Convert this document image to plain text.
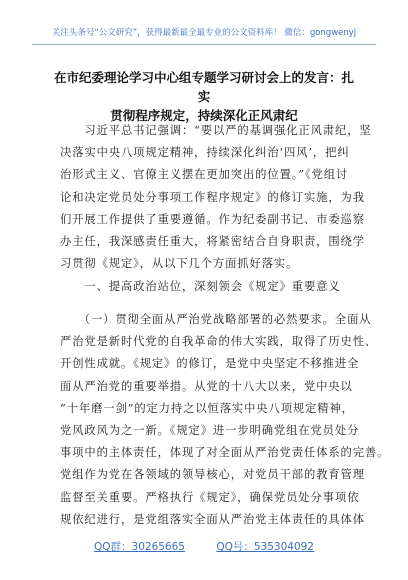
关注头条号“公文研究”，获得最新最全最专业的公文资料库！ 微信：gongwenyj
在市纪委理论学习中心组专题学习研讨会上的发言：扎实
贯彻程序规定，持续深化正风肃纪
　　习近平总书记强调：“要以严的基调强化正风肃纪，坚
决落实中央八项规定精神，持续深化纠治‘四风’，把纠
治形式主义、官僚主义摆在更加突出的位置。”《党组讨
论和决定党员处分事项工作程序规定》的修订实施，为我
们开展工作提供了重要遵循。作为纪委副书记、市委巡察
办主任，我深感责任重大，将紧密结合自身职责，围绕学
习贯彻《规定》，从以下几个方面抓好落实。
　　一、提高政治站位，深刻领会《规定》重要意义
　　（一）贯彻全面从严治党战略部署的必然要求。全面从
严治党是新时代党的自我革命的伟大实践，取得了历史性、
开创性成就。《规定》的修订，是党中央坚定不移推进全
面从严治党的重要举措。从党的十八大以来，党中央以
“十年磨一剑”的定力持之以恒落实中央八项规定精神，
党风政风为之一新。《规定》进一步明确党组在党员处分
事项中的主体责任，体现了对全面从严治党责任体系的完善。
党组作为党在各领域的领导核心，对党员干部的教育管理
监督至关重要。严格执行《规定》，确保党员处分事项依
规依纪进行，是党组落实全面从严治党主体责任的具体体
QQ群：30265665	QQ号：535304092
